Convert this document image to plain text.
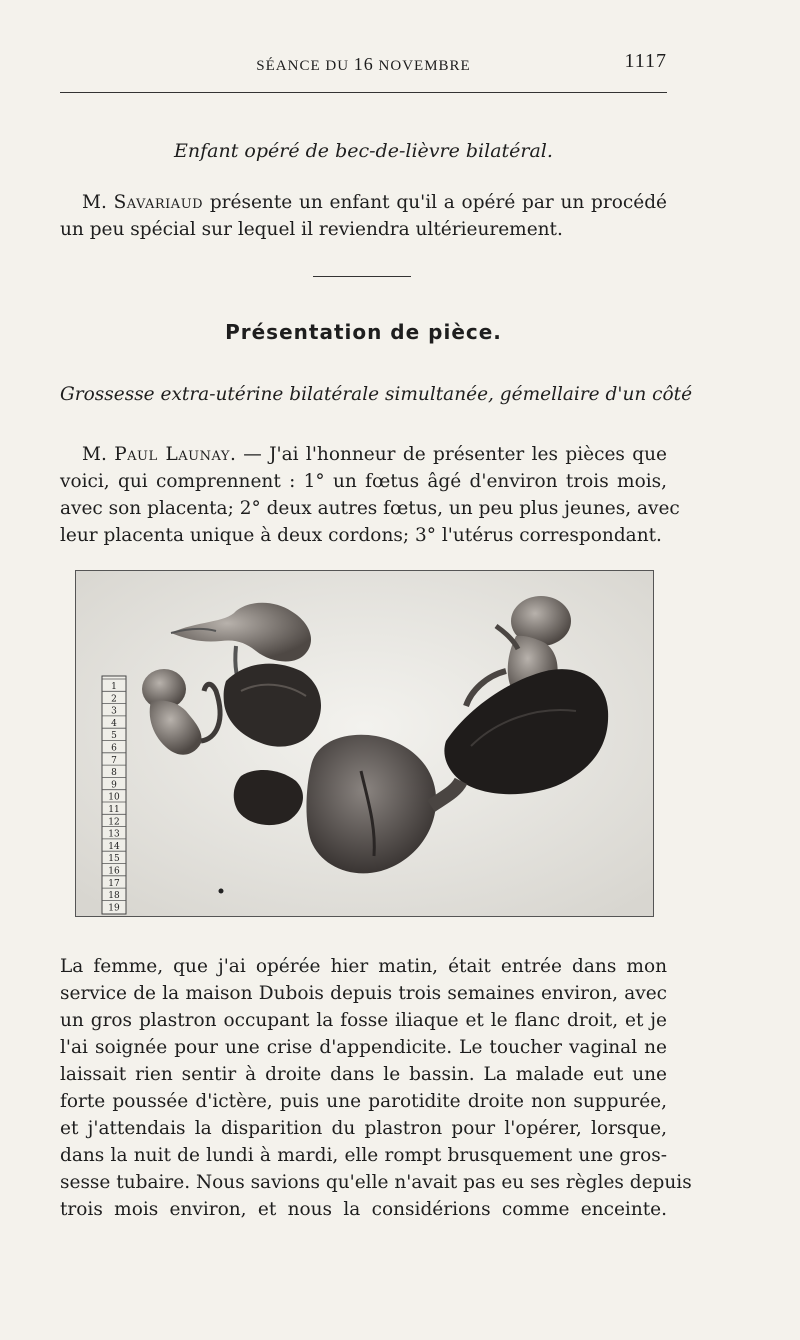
SÉANCE DU 16 NOVEMBRE	1117
Enfant opéré de bec-de-lièvre bilatéral.
M. Savariaud présente un enfant qu'il a opéré par un procédé
un peu spécial sur lequel il reviendra ultérieurement.
Présentation de pièce.
Grossesse extra-utérine bilatérale simultanée, gémellaire d'un côté
M. Paul Launay. — J'ai l'honneur de présenter les pièces que
voici, qui comprennent : 1° un fœtus âgé d'environ trois mois,
avec son placenta; 2° deux autres fœtus, un peu plus jeunes, avec
leur placenta unique à deux cordons; 3° l'utérus correspondant.
1
2
3
4
5
6
7
8
9
10
11
12
13
14
15
16
17
18
19
La femme, que j'ai opérée hier matin, était entrée dans mon
service de la maison Dubois depuis trois semaines environ, avec
un gros plastron occupant la fosse iliaque et le flanc droit, et je
l'ai soignée pour une crise d'appendicite. Le toucher vaginal ne
laissait rien sentir à droite dans le bassin. La malade eut une
forte poussée d'ictère, puis une parotidite droite non suppurée,
et j'attendais la disparition du plastron pour l'opérer, lorsque,
dans la nuit de lundi à mardi, elle rompt brusquement une gros-
sesse tubaire. Nous savions qu'elle n'avait pas eu ses règles depuis
trois mois environ, et nous la considérions comme enceinte.
